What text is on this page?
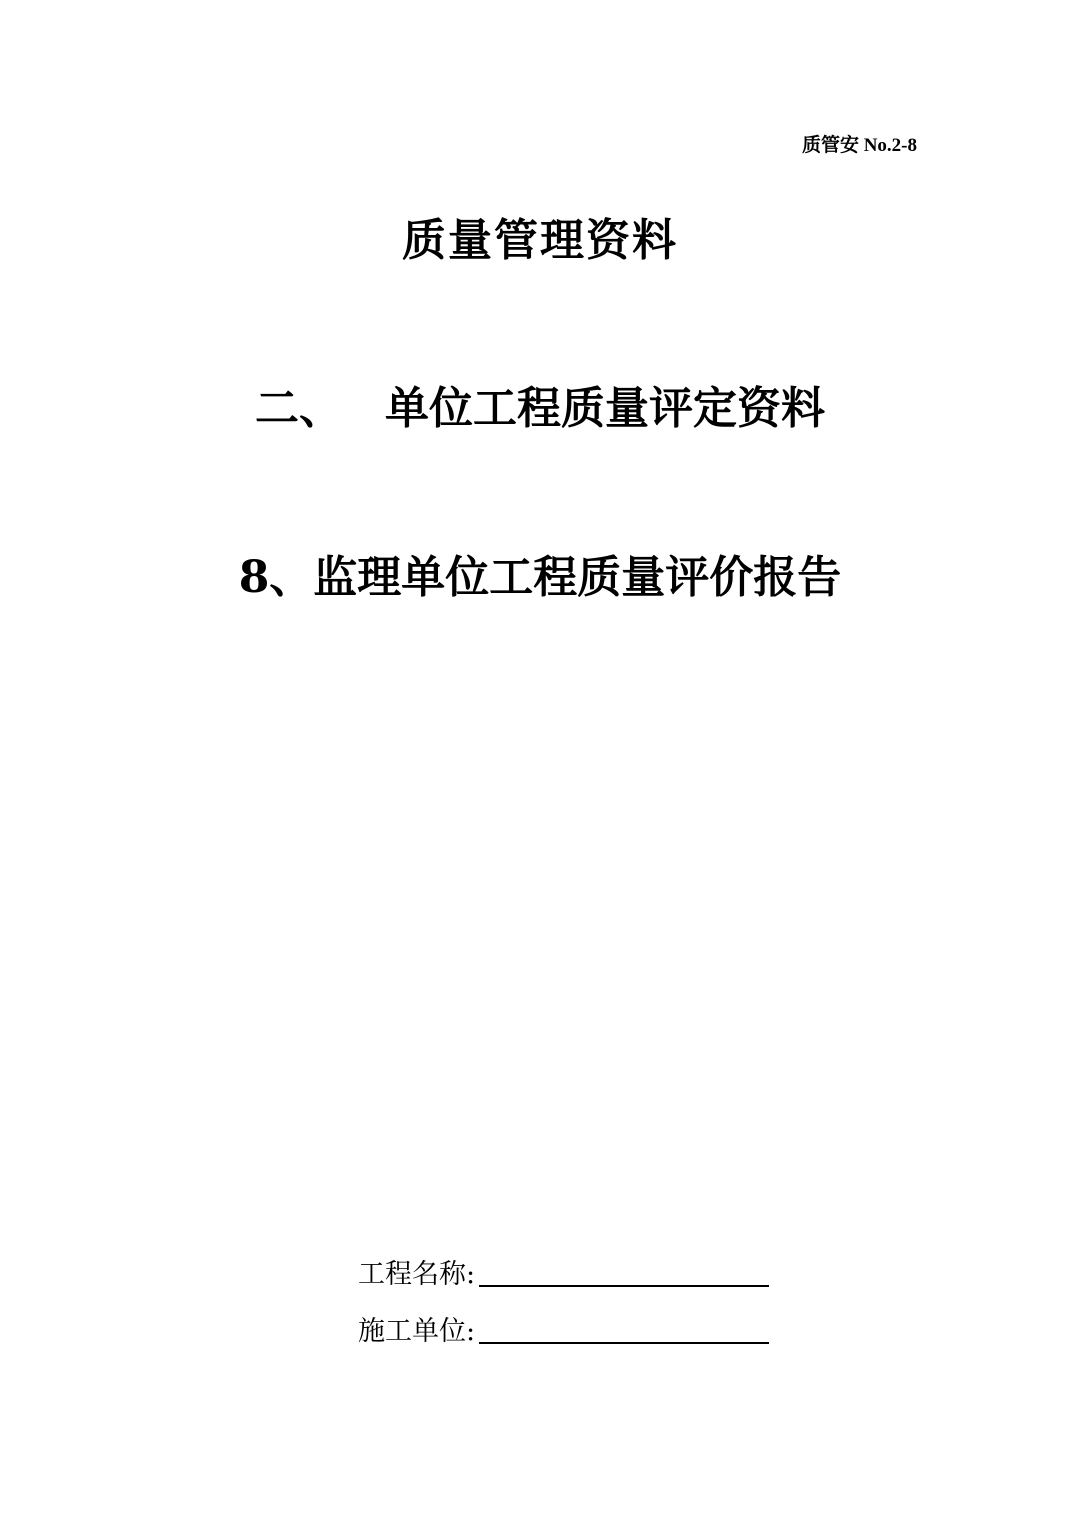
质管安 No.2-8
质量管理资料
二、 单位工程质量评定资料
8、监理单位工程质量评价报告
工程名称:
施工单位:
